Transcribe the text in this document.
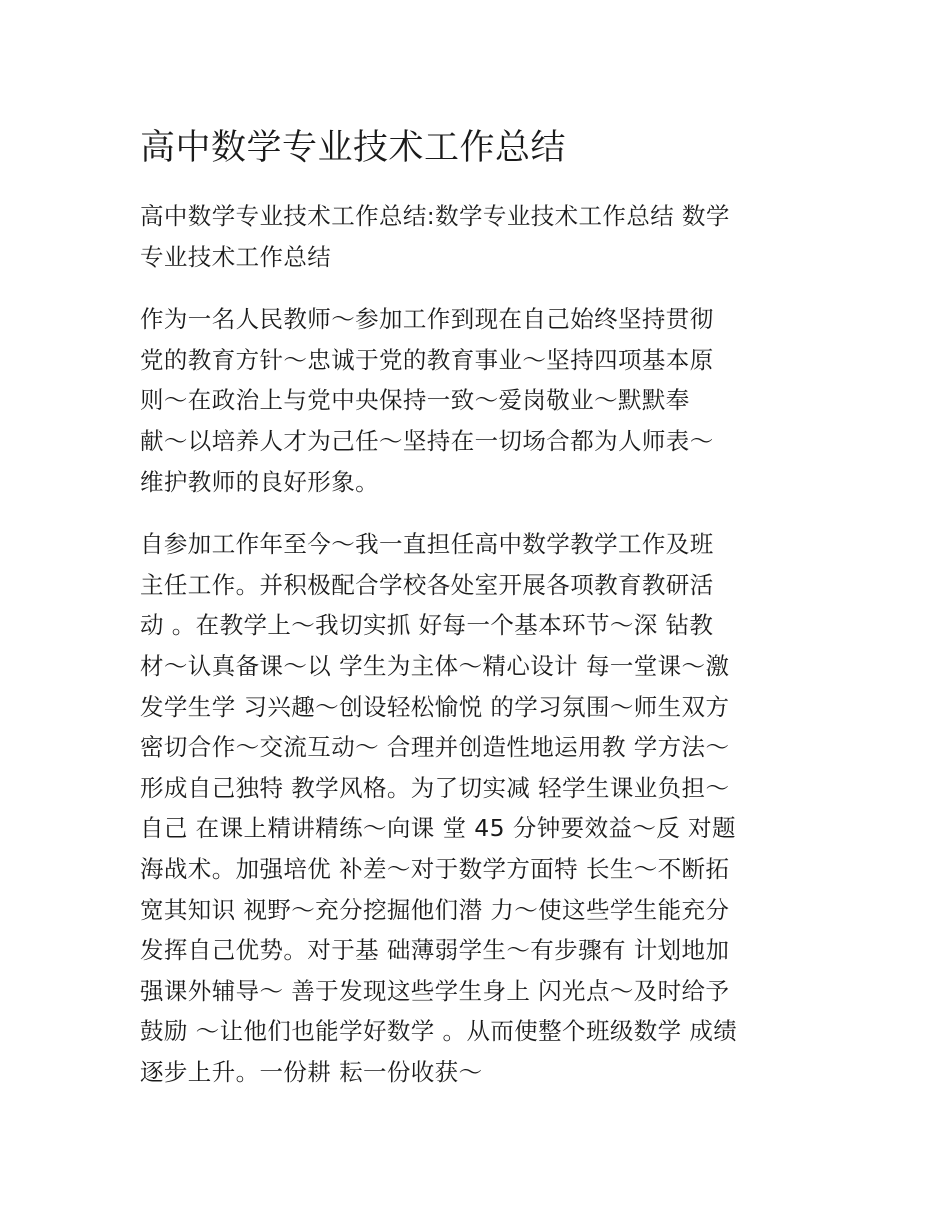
高中数学专业技术工作总结
高中数学专业技术工作总结:数学专业技术工作总结 数学
专业技术工作总结
作为一名人民教师～参加工作到现在自己始终坚持贯彻
党的教育方针～忠诚于党的教育事业～坚持四项基本原
则～在政治上与党中央保持一致～爱岗敬业～默默奉
献～以培养人才为己任～坚持在一切场合都为人师表～
维护教师的良好形象。
自参加工作年至今～我一直担任高中数学教学工作及班
主任工作。并积极配合学校各处室开展各项教育教研活
动 。在教学上～我切实抓 好每一个基本环节～深 钻教
材～认真备课～以 学生为主体～精心设计 每一堂课～激
发学生学 习兴趣～创设轻松愉悦 的学习氛围～师生双方
密切合作～交流互动～ 合理并创造性地运用教 学方法～
形成自己独特 教学风格。为了切实减 轻学生课业负担～
自己 在课上精讲精练～向课 堂 45 分钟要效益～反 对题
海战术。加强培优 补差～对于数学方面特 长生～不断拓
宽其知识 视野～充分挖掘他们潜 力～使这些学生能充分
发挥自己优势。对于基 础薄弱学生～有步骤有 计划地加
强课外辅导～ 善于发现这些学生身上 闪光点～及时给予
鼓励 ～让他们也能学好数学 。从而使整个班级数学 成绩
逐步上升。一份耕 耘一份收获～
